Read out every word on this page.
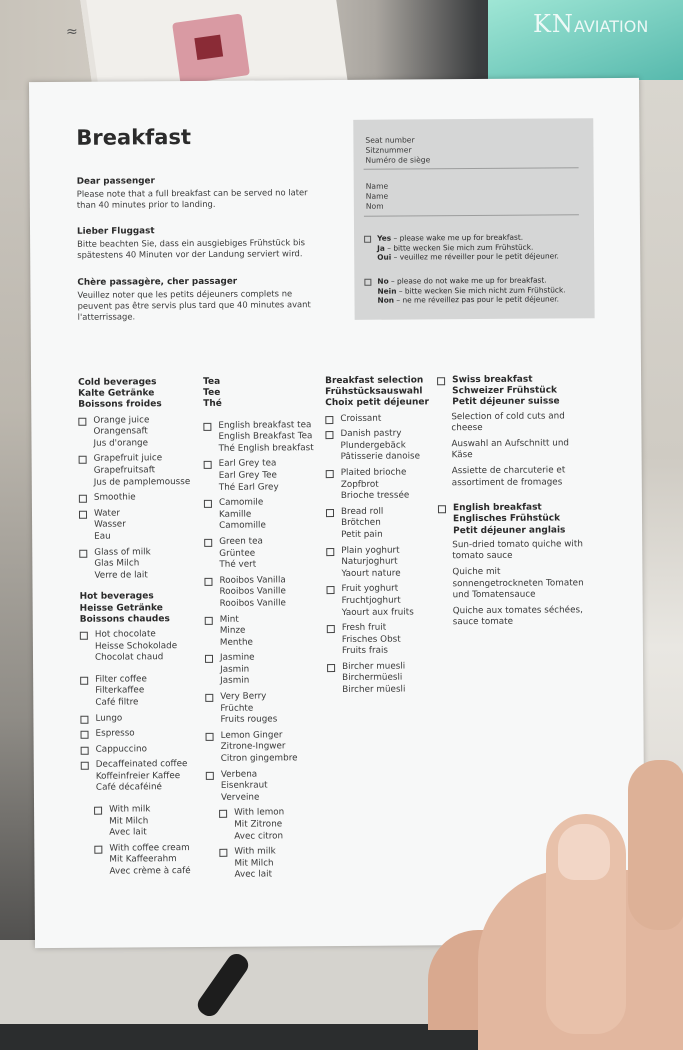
≈	KNAVIATION
Breakfast
Dear passenger

Please note that a full breakfast can be served no later than 40 minutes prior to landing.

Lieber Fluggast

Bitte beachten Sie, dass ein ausgiebiges Frühstück bis spätestens 40 Minuten vor der Landung serviert wird.

Chère passagère, cher passager

Veuillez noter que les petits déjeuners complets ne peuvent pas être servis plus tard que 40 minutes avant l'atterrissage.

Seat number
Sitznummer
Numéro de siège
Name
Name
Nom
Yes – please wake me up for breakfast.
Ja – bitte wecken Sie mich zum Frühstück.
Oui – veuillez me réveiller pour le petit déjeuner.
No – please do not wake me up for breakfast.
Nein – bitte wecken Sie mich nicht zum Frühstück.
Non – ne me réveillez pas pour le petit déjeuner.
Cold beverages
Kalte Getränke
Boissons froides
Orange juice
Orangensaft
Jus d'orange
Grapefruit juice
Grapefruitsaft
Jus de pamplemousse
Smoothie
Water
Wasser
Eau
Glass of milk
Glas Milch
Verre de lait
Hot beverages
Heisse Getränke
Boissons chaudes
Hot chocolate
Heisse Schokolade
Chocolat chaud
Filter coffee
Filterkaffee
Café filtre
Lungo
Espresso
Cappuccino
Decaffeinated coffee
Koffeinfreier Kaffee
Café décaféiné
With milk
Mit Milch
Avec lait
With coffee cream
Mit Kaffeerahm
Avec crème à café
Tea
Tee
Thé
English breakfast tea
English Breakfast Tea
Thé English breakfast
Earl Grey tea
Earl Grey Tee
Thé Earl Grey
Camomile
Kamille
Camomille
Green tea
Grüntee
Thé vert
Rooibos Vanilla
Rooibos Vanille
Rooibos Vanille
Mint
Minze
Menthe
Jasmine
Jasmin
Jasmin
Very Berry
Früchte
Fruits rouges
Lemon Ginger
Zitrone-Ingwer
Citron gingembre
Verbena
Eisenkraut
Verveine
With lemon
Mit Zitrone
Avec citron
With milk
Mit Milch
Avec lait
Breakfast selection
Frühstücksauswahl
Choix petit déjeuner
Croissant
Danish pastry
Plundergebäck
Pâtisserie danoise
Plaited brioche
Zopfbrot
Brioche tressée
Bread roll
Brötchen
Petit pain
Plain yoghurt
Naturjoghurt
Yaourt nature
Fruit yoghurt
Fruchtjoghurt
Yaourt aux fruits
Fresh fruit
Frisches Obst
Fruits frais
Bircher muesli
Birchermüesli
Bircher müesli
Swiss breakfast
Schweizer Frühstück
Petit déjeuner suisse
Selection of cold cuts and cheese
Auswahl an Aufschnitt und Käse
Assiette de charcuterie et assortiment de fromages
English breakfast
Englisches Frühstück
Petit déjeuner anglais
Sun-dried tomato quiche with tomato sauce
Quiche mit sonnengetrockneten Tomaten und Tomatensauce
Quiche aux tomates séchées, sauce tomate
